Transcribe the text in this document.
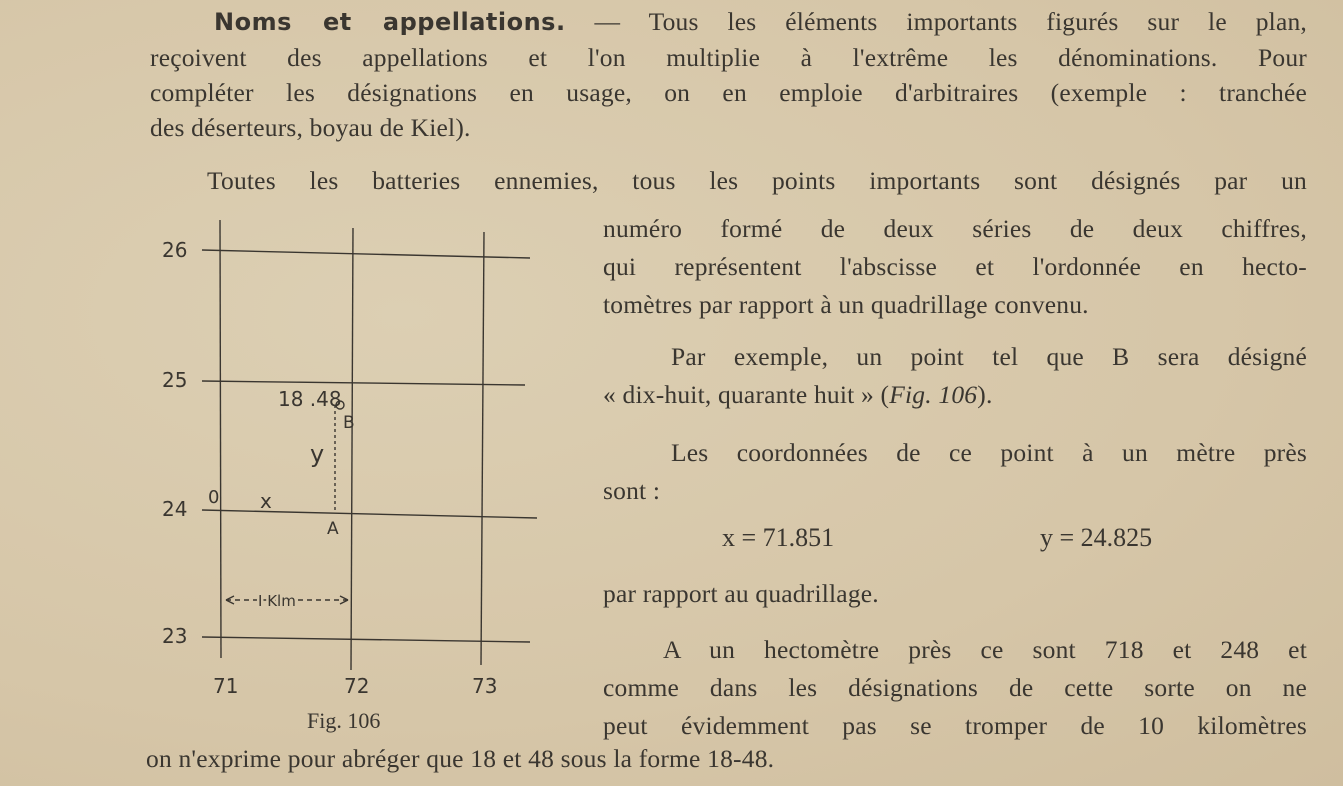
Noms et appellations. — Tous les éléments importants figurés sur le plan,
reçoivent des appellations et l'on multiplie à l'extrême les dénominations. Pour
compléter les désignations en usage, on en emploie d'arbitraires (exemple : tranchée
des déserteurs, boyau de Kiel).
Toutes les batteries ennemies, tous les points importants sont désignés par un
numéro formé de deux séries de deux chiffres,
qui représentent l'abscisse et l'ordonnée en hecto-
tomètres par rapport à un quadrillage convenu.
Par exemple, un point tel que B sera désigné
« dix-huit, quarante huit » (Fig. 106).
Les coordonnées de ce point à un mètre près
sont :
x = 71.851	y = 24.825
par rapport au quadrillage.
A un hectomètre près ce sont 718 et 248 et
comme dans les désignations de cette sorte on ne
peut évidemment pas se tromper de 10 kilomètres
on n'exprime pour abréger que 18 et 48 sous la forme 18-48.
26
25
24
23
71	72	73
18 .48
B
A
0 x
y
I Klm
Fig. 106
